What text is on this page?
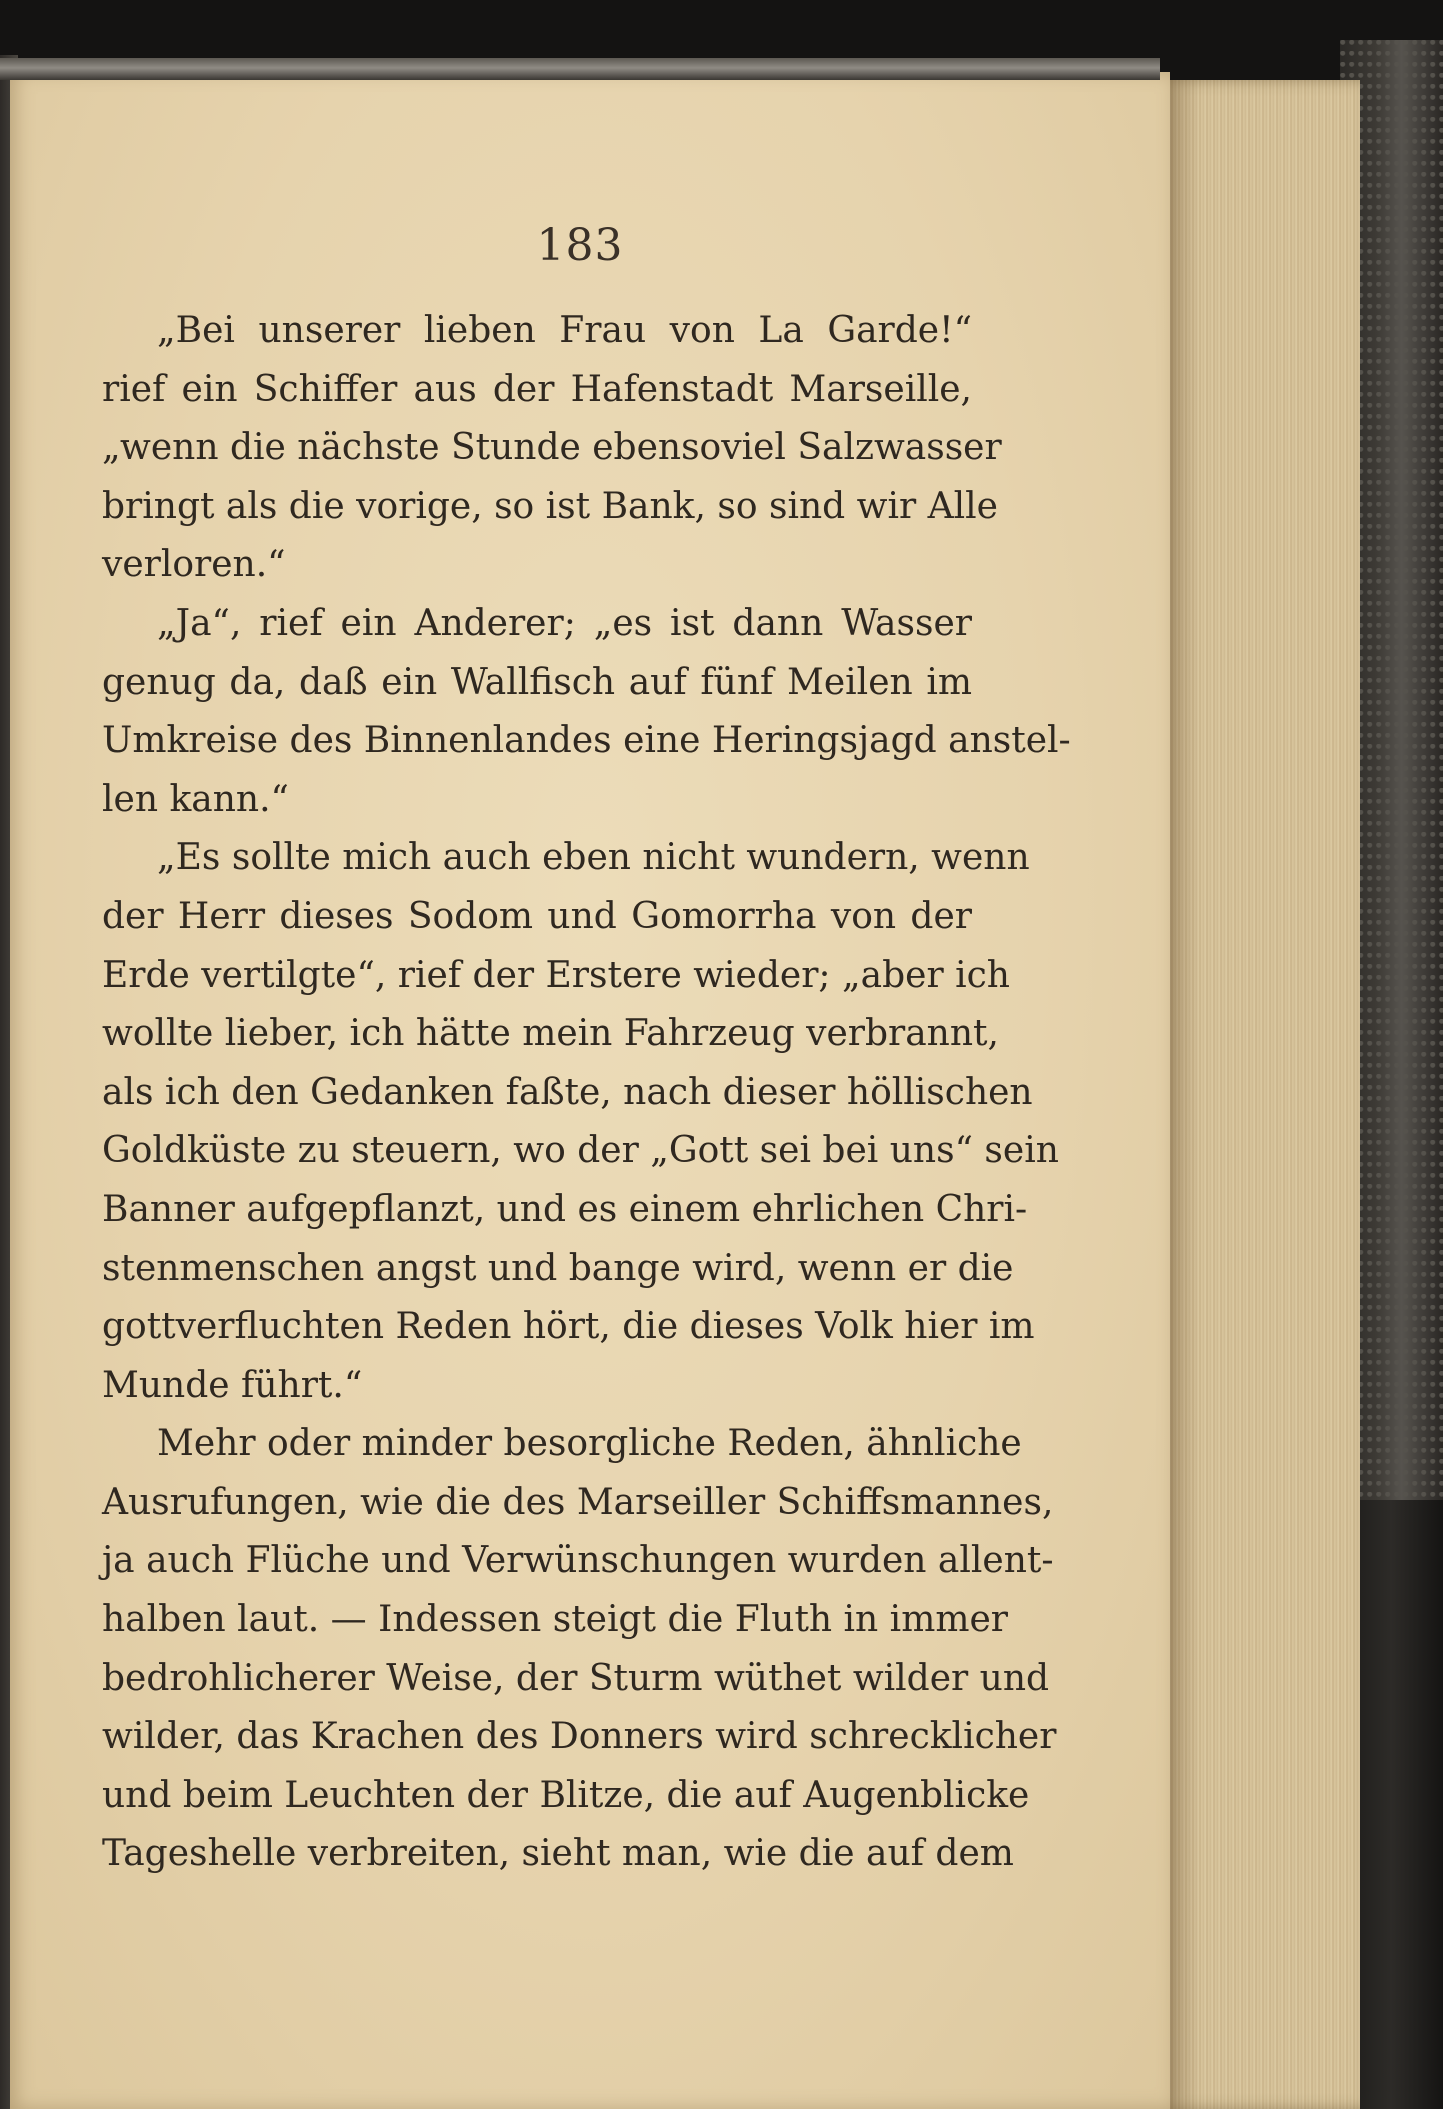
183
„Bei unserer lieben Frau von La Garde!“
rief ein Schiffer aus der Hafenstadt Marseille,
„wenn die nächste Stunde ebensoviel Salzwasser
bringt als die vorige, so ist Bank, so sind wir Alle
verloren.“
„Ja“, rief ein Anderer; „es ist dann Wasser
genug da, daß ein Wallfisch auf fünf Meilen im
Umkreise des Binnenlandes eine Heringsjagd anstel-
len kann.“
„Es sollte mich auch eben nicht wundern, wenn
der Herr dieses Sodom und Gomorrha von der
Erde vertilgte“, rief der Erstere wieder; „aber ich
wollte lieber, ich hätte mein Fahrzeug verbrannt,
als ich den Gedanken faßte, nach dieser höllischen
Goldküste zu steuern, wo der „Gott sei bei uns“ sein
Banner aufgepflanzt, und es einem ehrlichen Chri-
stenmenschen angst und bange wird, wenn er die
gottverfluchten Reden hört, die dieses Volk hier im
Munde führt.“
Mehr oder minder besorgliche Reden, ähnliche
Ausrufungen, wie die des Marseiller Schiffsmannes,
ja auch Flüche und Verwünschungen wurden allent-
halben laut. — Indessen steigt die Fluth in immer
bedrohlicherer Weise, der Sturm wüthet wilder und
wilder, das Krachen des Donners wird schrecklicher
und beim Leuchten der Blitze, die auf Augenblicke
Tageshelle verbreiten, sieht man, wie die auf dem
